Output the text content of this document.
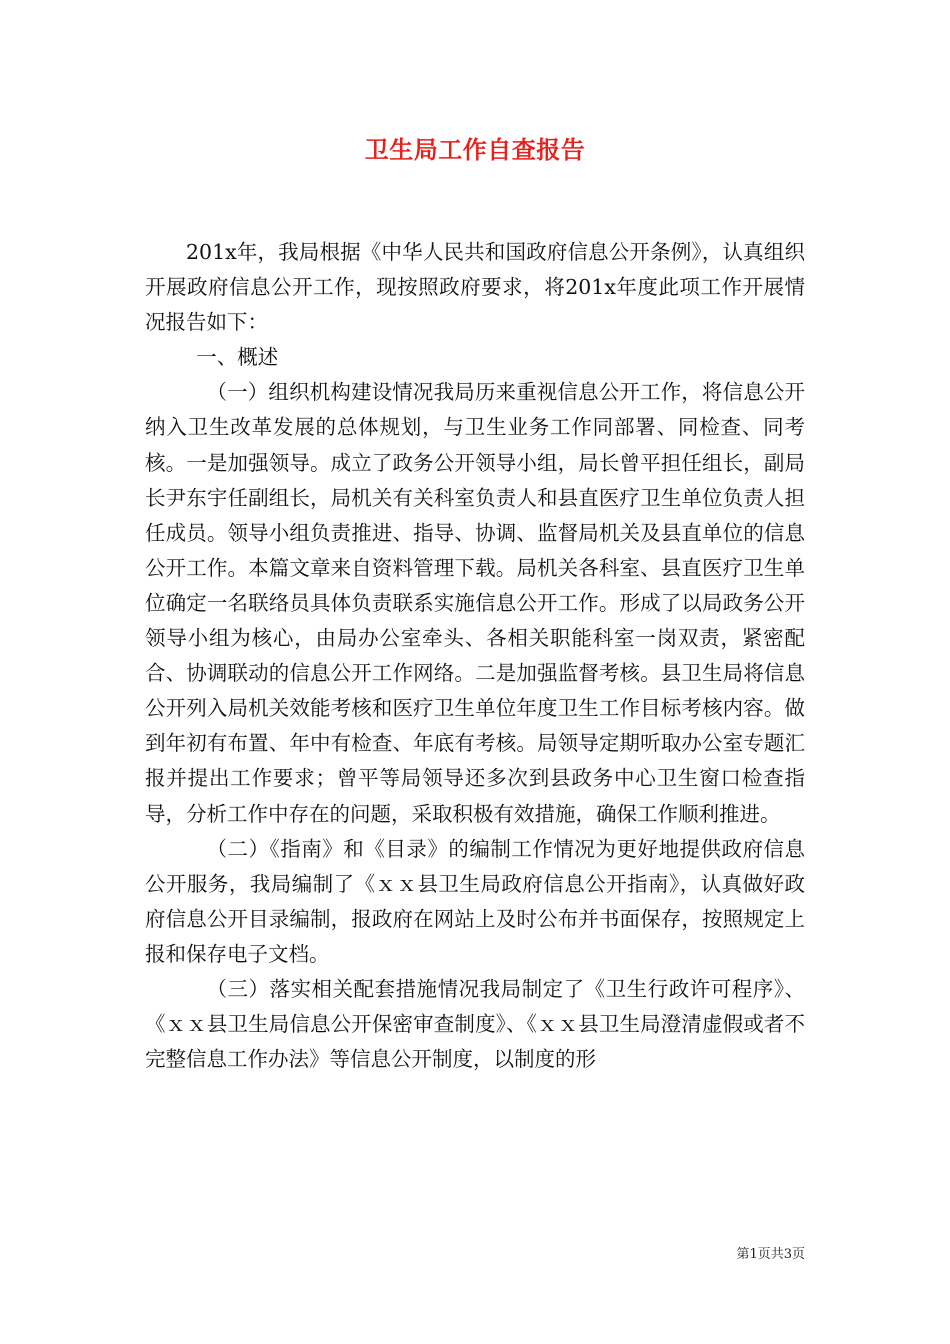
卫生局工作自查报告

201x年，我局根据《中华人民共和国政府信息公开条例》，认真组织开展政府信息公开工作，现按照政府要求，将201x年度此项工作开展情况报告如下：

一、概述

（一）组织机构建设情况我局历来重视信息公开工作，将信息公开纳入卫生改革发展的总体规划，与卫生业务工作同部署、同检查、同考核。一是加强领导。成立了政务公开领导小组，局长曾平担任组长，副局长尹东宇任副组长，局机关有关科室负责人和县直医疗卫生单位负责人担任成员。领导小组负责推进、指导、协调、监督局机关及县直单位的信息公开工作。本篇文章来自资料管理下载。局机关各科室、县直医疗卫生单位确定一名联络员具体负责联系实施信息公开工作。形成了以局政务公开领导小组为核心，由局办公室牵头、各相关职能科室一岗双责，紧密配合、协调联动的信息公开工作网络。二是加强监督考核。县卫生局将信息公开列入局机关效能考核和医疗卫生单位年度卫生工作目标考核内容。做到年初有布置、年中有检查、年底有考核。局领导定期听取办公室专题汇报并提出工作要求；曾平等局领导还多次到县政务中心卫生窗口检查指导，分析工作中存在的问题，采取积极有效措施，确保工作顺利推进。

（二）《指南》和《目录》的编制工作情况为更好地提供政府信息公开服务，我局编制了《ｘｘ县卫生局政府信息公开指南》，认真做好政府信息公开目录编制，报政府在网站上及时公布并书面保存，按照规定上报和保存电子文档。

（三）落实相关配套措施情况我局制定了《卫生行政许可程序》、《ｘｘ县卫生局信息公开保密审查制度》、《ｘｘ县卫生局澄清虚假或者不完整信息工作办法》等信息公开制度，以制度的形

第1页共3页
